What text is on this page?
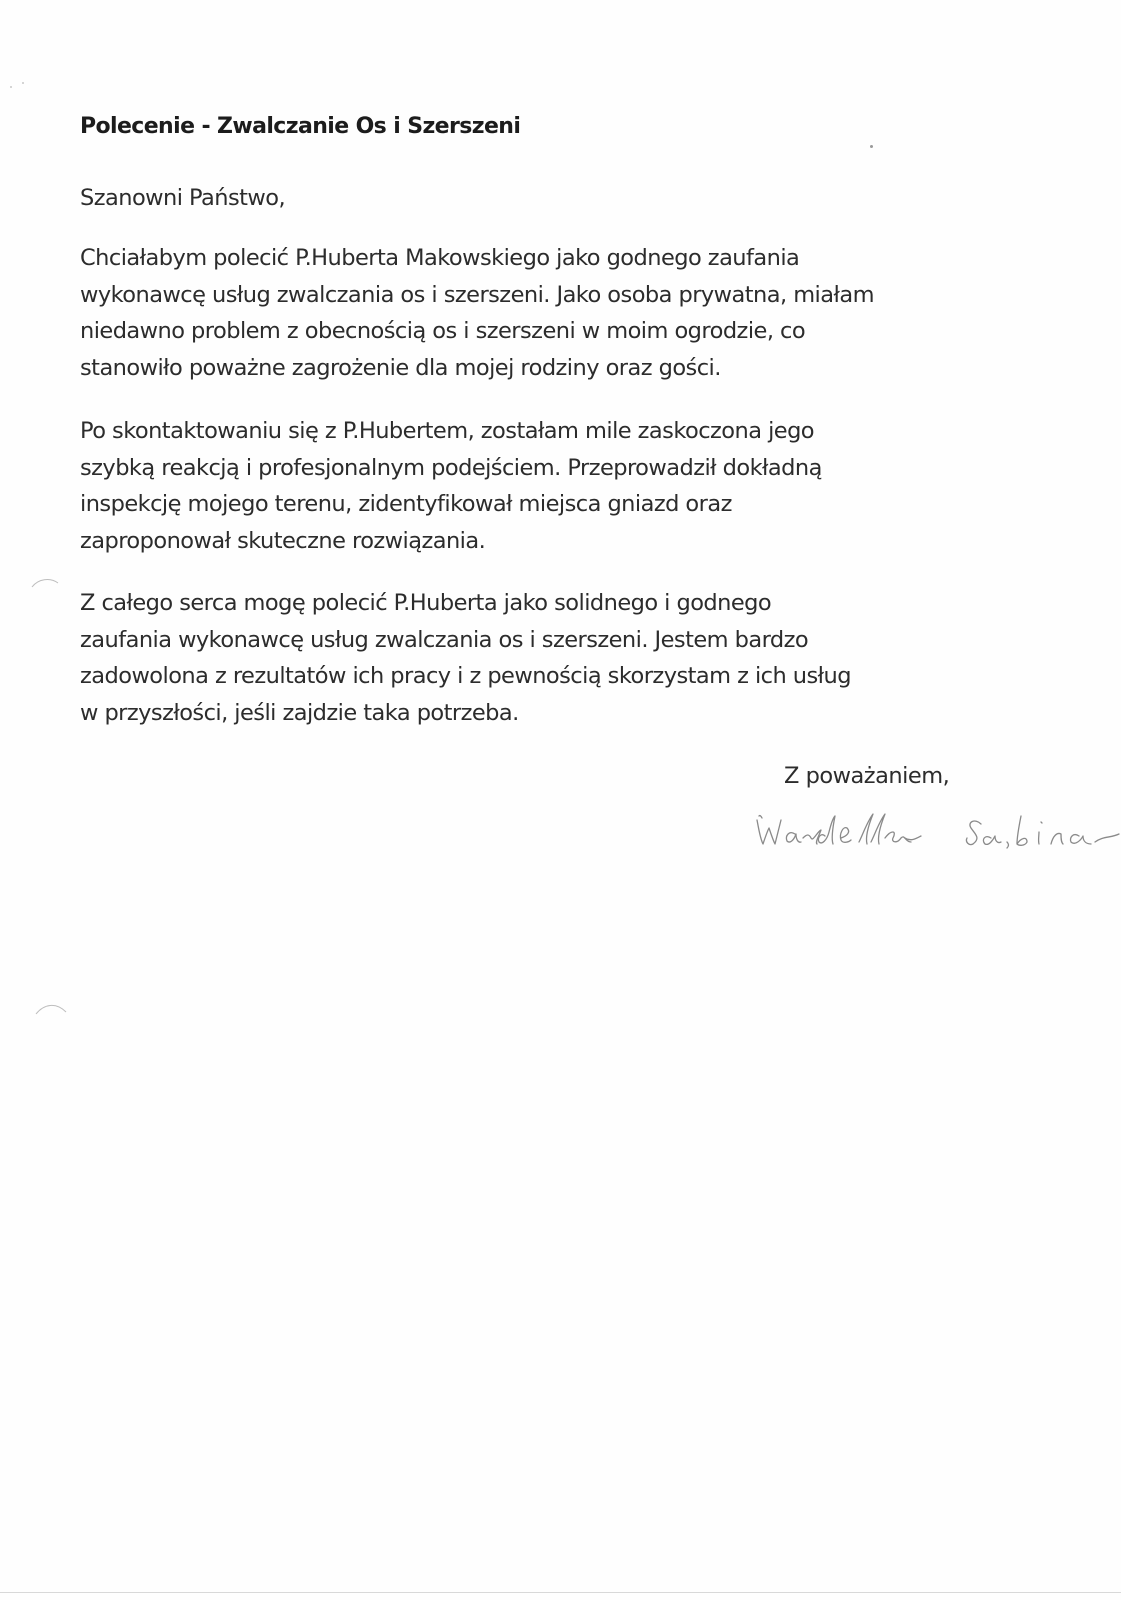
Polecenie - Zwalczanie Os i Szerszeni
Szanowni Państwo,
Chciałabym polecić P.Huberta Makowskiego jako godnego zaufania
wykonawcę usług zwalczania os i szerszeni. Jako osoba prywatna, miałam
niedawno problem z obecnością os i szerszeni w moim ogrodzie, co
stanowiło poważne zagrożenie dla mojej rodziny oraz gości.
Po skontaktowaniu się z P.Hubertem, zostałam mile zaskoczona jego
szybką reakcją i profesjonalnym podejściem. Przeprowadził dokładną
inspekcję mojego terenu, zidentyfikował miejsca gniazd oraz
zaproponował skuteczne rozwiązania.
Z całego serca mogę polecić P.Huberta jako solidnego i godnego
zaufania wykonawcę usług zwalczania os i szerszeni. Jestem bardzo
zadowolona z rezultatów ich pracy i z pewnością skorzystam z ich usług
w przyszłości, jeśli zajdzie taka potrzeba.
Z poważaniem,
